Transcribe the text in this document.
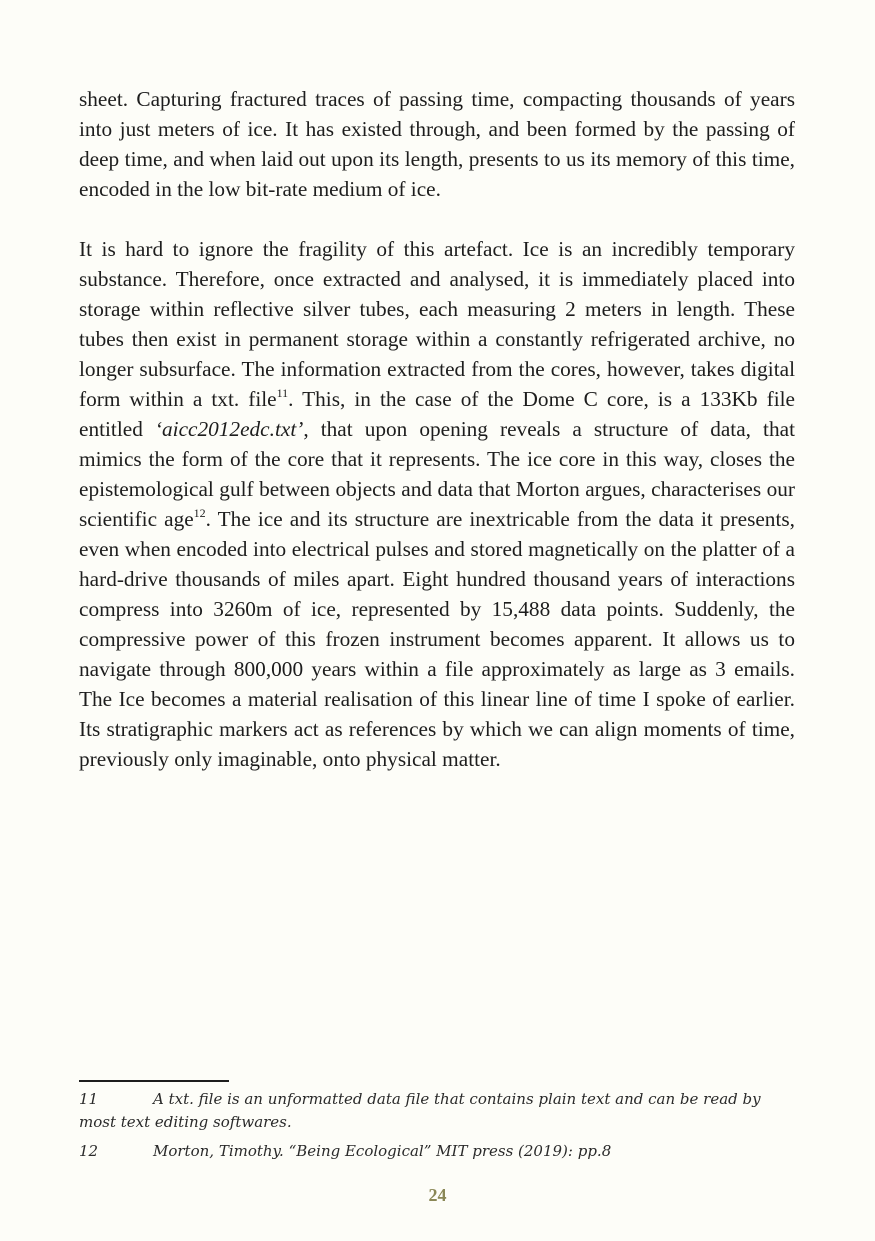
sheet. Capturing fractured traces of passing time, compacting thousands of years into just meters of ice. It has existed through, and been formed by the passing of deep time, and when laid out upon its length, presents to us its memory of this time, encoded in the low bit-rate medium of ice.

It is hard to ignore the fragility of this artefact. Ice is an incredibly temporary substance. Therefore, once extracted and analysed, it is immediately placed into storage within reflective silver tubes, each measuring 2 meters in length. These tubes then exist in permanent storage within a constantly refrigerated archive, no longer subsurface. The information extracted from the cores, however, takes digital form within a txt. file$^{11}$. This, in the case of the Dome C core, is a 133Kb file entitled ‘aicc2012edc.txt’, that upon opening reveals a structure of data, that mimics the form of the core that it represents. The ice core in this way, closes the epistemological gulf between objects and data that Morton argues, characterises our scientific age$^{12}$. The ice and its structure are inextricable from the data it presents, even when encoded into electrical pulses and stored magnetically on the platter of a hard-drive thousands of miles apart. Eight hundred thousand years of interactions compress into 3260m of ice, represented by 15,488 data points. Suddenly, the compressive power of this frozen instrument becomes apparent. It allows us to navigate through 800,000 years within a file approximately as large as 3 emails. The Ice becomes a material realisation of this linear line of time I spoke of earlier. Its stratigraphic markers act as references by which we can align moments of time, previously only imaginable, onto physical matter.

11	A txt. file is an unformatted data file that contains plain text and can be read by most text editing softwares.
12	Morton, Timothy. “Being Ecological” MIT press (2019): pp.8
24
